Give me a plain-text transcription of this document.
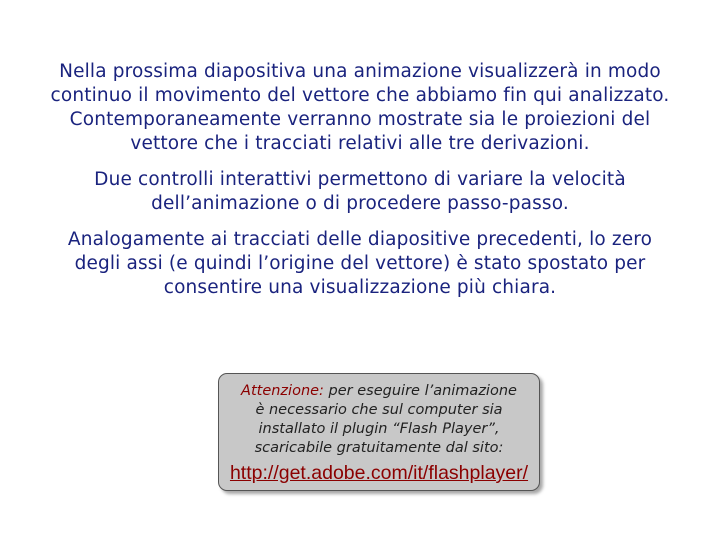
Nella prossima diapositiva una animazione visualizzerà in modo
continuo il movimento del vettore che abbiamo fin qui analizzato.
Contemporaneamente verranno mostrate sia le proiezioni del
vettore che i tracciati relativi alle tre derivazioni.
Due controlli interattivi permettono di variare la velocità
dell’animazione o di procedere passo-passo.
Analogamente ai tracciati delle diapositive precedenti, lo zero
degli assi (e quindi l’origine del vettore) è stato spostato per
consentire una visualizzazione più chiara.
Attenzione: per eseguire l’animazione
è necessario che sul computer sia
installato il plugin “Flash Player”,
scaricabile gratuitamente dal sito:
http://get.adobe.com/it/flashplayer/
